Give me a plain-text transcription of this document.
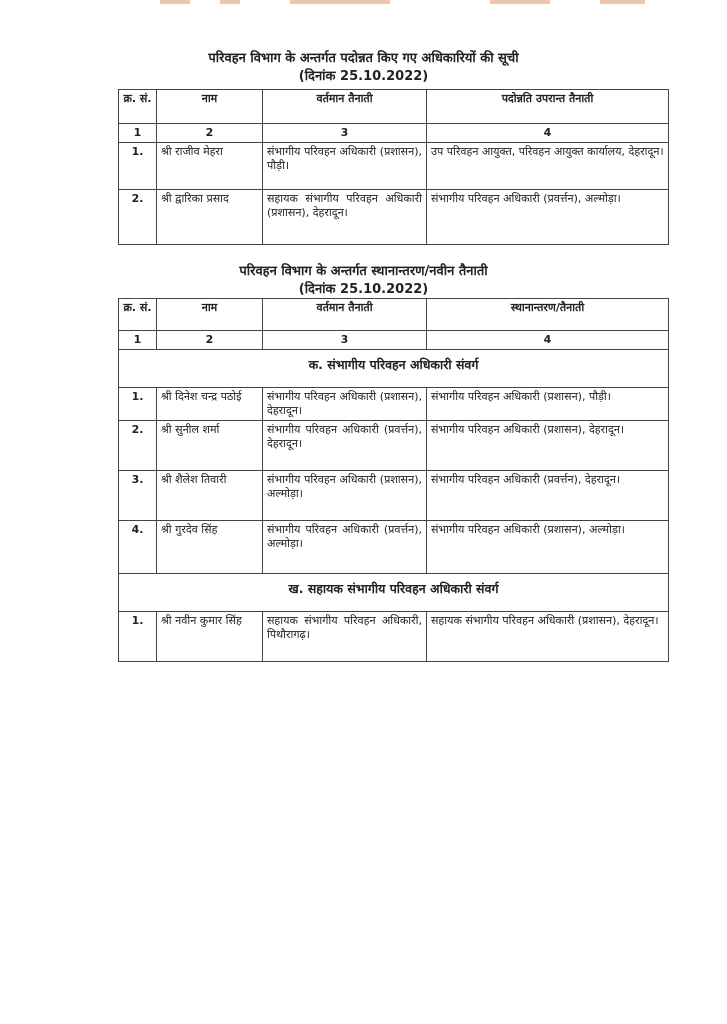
परिवहन विभाग के अन्तर्गत पदोन्नत किए गए अधिकारियों की सूची
(दिनांक 25.10.2022)
क्र. सं.	नाम	वर्तमान तैनाती	पदोन्नति उपरान्त तैनाती
1	2	3	4
1.	श्री राजीव मेहरा	संभागीय परिवहन अधिकारी (प्रशासन), पौड़ी।	उप परिवहन आयुक्त, परिवहन आयुक्त कार्यालय, देहरादून।
2.	श्री द्वारिका प्रसाद	सहायक संभागीय परिवहन अधिकारी (प्रशासन), देहरादून।	संभागीय परिवहन अधिकारी (प्रवर्त्तन), अल्मोड़ा।
परिवहन विभाग के अन्तर्गत स्थानान्तरण/नवीन तैनाती
(दिनांक 25.10.2022)
क्र. सं.	नाम	वर्तमान तैनाती	स्थानान्तरण/तैनाती
1	2	3	4
क. संभागीय परिवहन अधिकारी संवर्ग			
1.	श्री दिनेश चन्द्र पठोई	संभागीय परिवहन अधिकारी (प्रशासन), देहरादून।	संभागीय परिवहन अधिकारी (प्रशासन), पौड़ी।
2.	श्री सुनील शर्मा	संभागीय परिवहन अधिकारी (प्रवर्त्तन), देहरादून।	संभागीय परिवहन अधिकारी (प्रशासन), देहरादून।
3.	श्री शैलेश तिवारी	संभागीय परिवहन अधिकारी (प्रशासन), अल्मोड़ा।	संभागीय परिवहन अधिकारी (प्रवर्त्तन), देहरादून।
4.	श्री गुरदेव सिंह	संभागीय परिवहन अधिकारी (प्रवर्त्तन), अल्मोड़ा।	संभागीय परिवहन अधिकारी (प्रशासन), अल्मोड़ा।
ख. सहायक संभागीय परिवहन अधिकारी संवर्ग			
1.	श्री नवीन कुमार सिंह	सहायक संभागीय परिवहन अधिकारी, पिथौरागढ़।	सहायक संभागीय परिवहन अधिकारी (प्रशासन), देहरादून।
